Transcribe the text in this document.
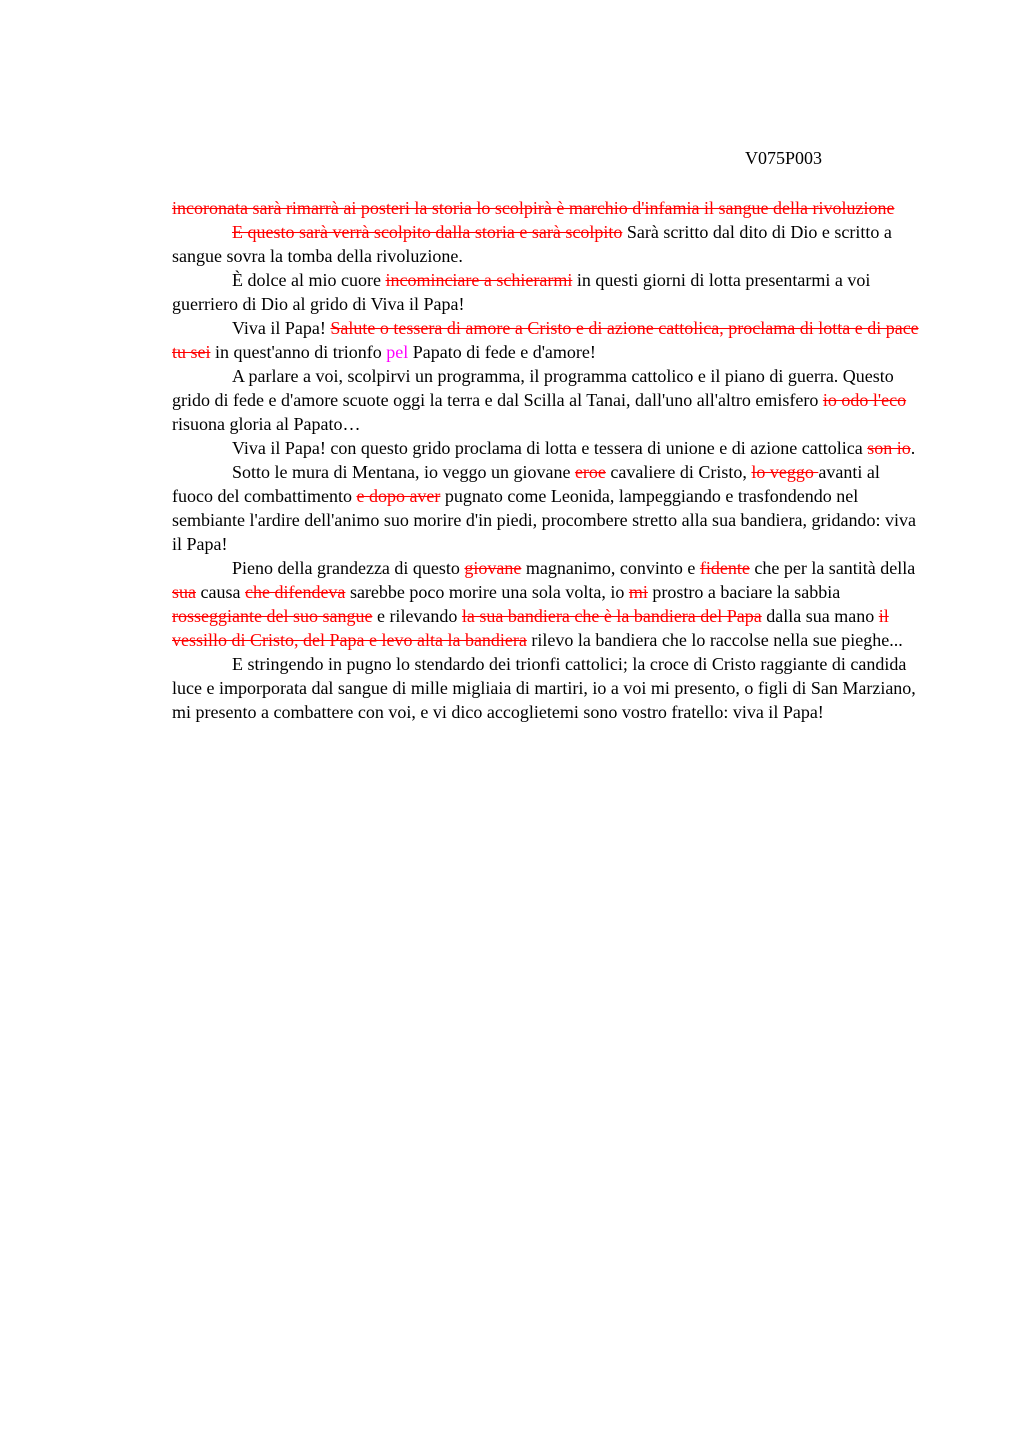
V075P003

incoronata sarà rimarrà ai posteri la storia lo scolpirà è marchio d'infamia il sangue della rivoluzione

E questo sarà verrà scolpito dalla storia e sarà scolpito Sarà scritto dal dito di Dio e scritto a sangue sovra la tomba della rivoluzione.

È dolce al mio cuore incominciare a schierarmi in questi giorni di lotta presentarmi a voi guerriero di Dio al grido di Viva il Papa!

Viva il Papa! Salute o tessera di amore a Cristo e di azione cattolica, proclama di lotta e di pace tu sei in quest'anno di trionfo pel Papato di fede e d'amore!

A parlare a voi, scolpirvi un programma, il programma cattolico e il piano di guerra. Questo grido di fede e d'amore scuote oggi la terra e dal Scilla al Tanai, dall'uno all'altro emisfero io odo l'eco risuona gloria al Papato…

Viva il Papa! con questo grido proclama di lotta e tessera di unione e di azione cattolica son io.

Sotto le mura di Mentana, io veggo un giovane eroe cavaliere di Cristo, lo veggo avanti al fuoco del combattimento e dopo aver pugnato come Leonida, lampeggiando e trasfondendo nel sembiante l'ardire dell'animo suo morire d'in piedi, procombere stretto alla sua bandiera, gridando: viva il Papa!

Pieno della grandezza di questo giovane magnanimo, convinto e fidente che per la santità della sua causa che difendeva sarebbe poco morire una sola volta, io mi prostro a baciare la sabbia rosseggiante del suo sangue e rilevando la sua bandiera che è la bandiera del Papa dalla sua mano il vessillo di Cristo, del Papa e levo alta la bandiera rilevo la bandiera che lo raccolse nella sue pieghe...

E stringendo in pugno lo stendardo dei trionfi cattolici; la croce di Cristo raggiante di candida luce e imporporata dal sangue di mille migliaia di martiri, io a voi mi presento, o figli di San Marziano, mi presento a combattere con voi, e vi dico accoglietemi sono vostro fratello: viva il Papa!
